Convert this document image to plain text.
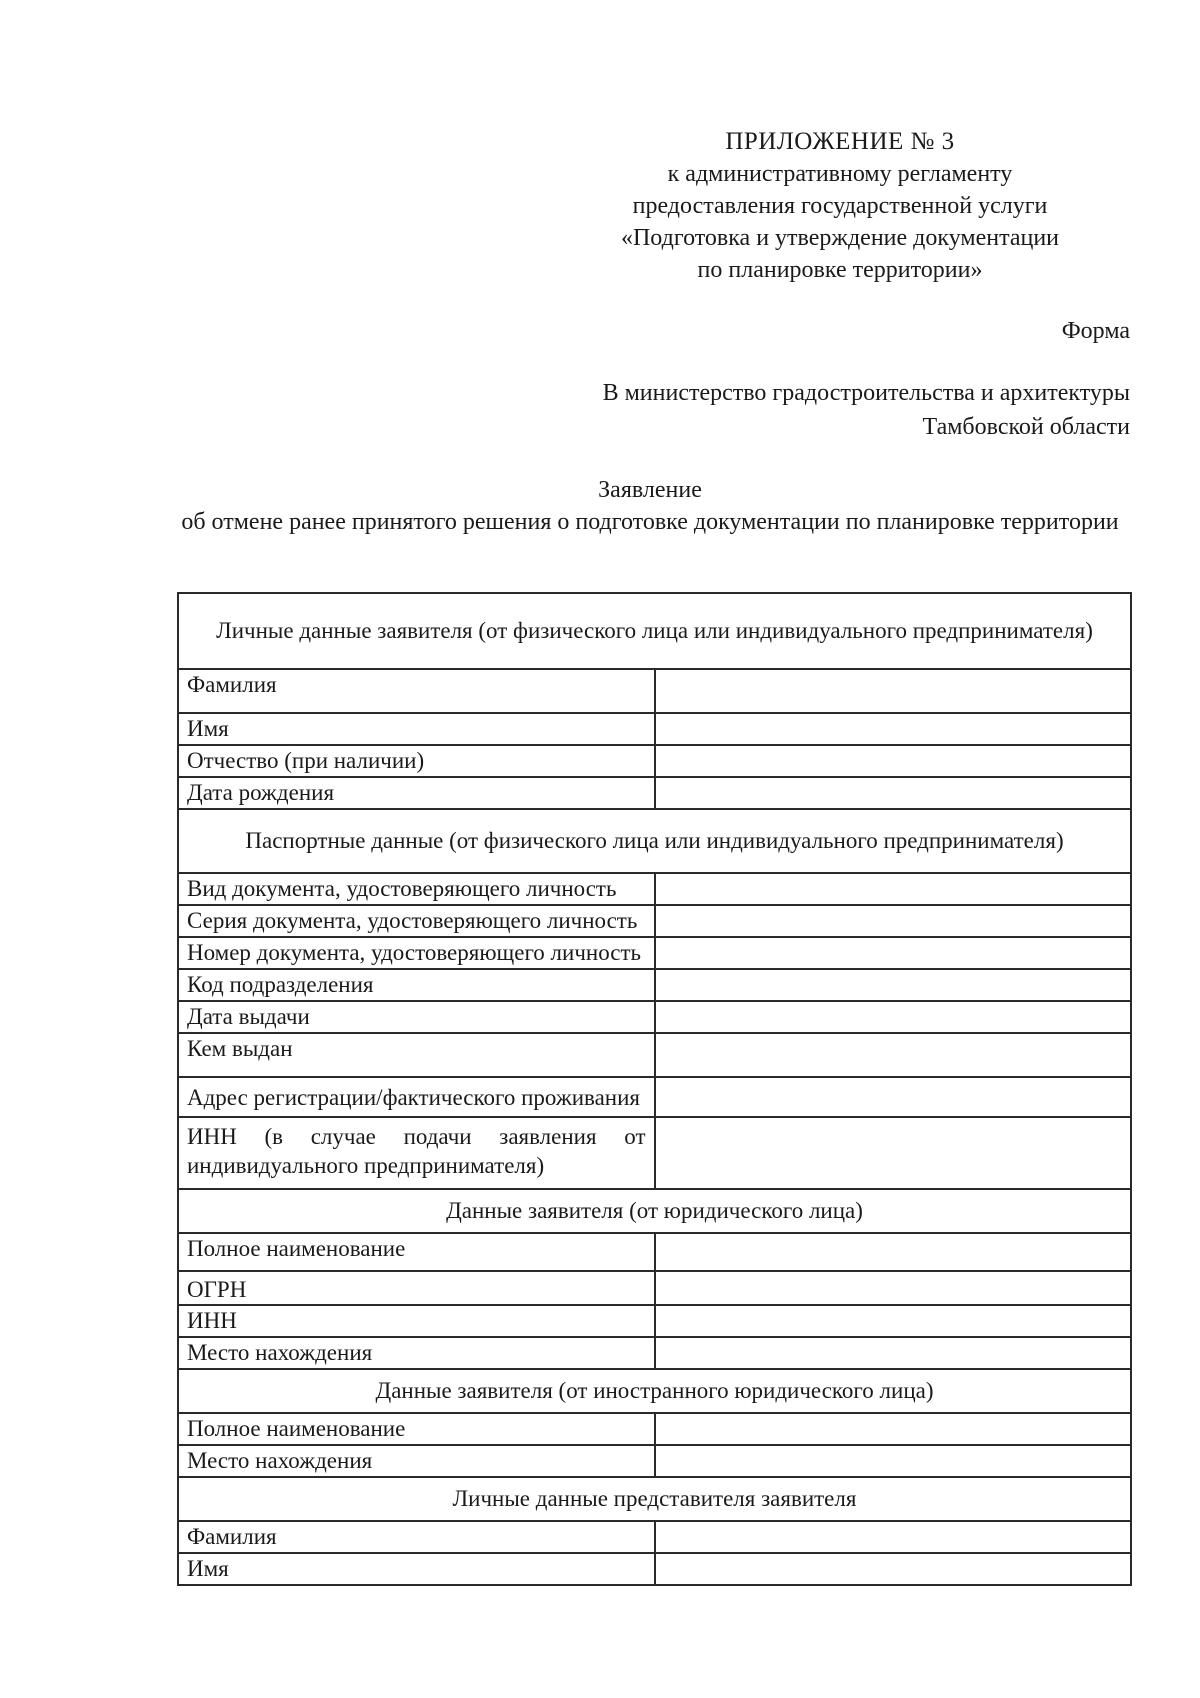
ПРИЛОЖЕНИЕ № 3
к административному регламенту
предоставления государственной услуги
«Подготовка и утверждение документации
по планировке территории»
Форма
В министерство градостроительства и архитектуры
Тамбовской области
Заявление
об отмене ранее принятого решения о подготовке документации по планировке территории
Личные данные заявителя (от физического лица или индивидуального предпринимателя)	
Фамилия	
Имя	
Отчество (при наличии)	
Дата рождения	
Паспортные данные (от физического лица или индивидуального предпринимателя)	
Вид документа, удостоверяющего личность	
Серия документа, удостоверяющего личность	
Номер документа, удостоверяющего личность	
Код подразделения	
Дата выдачи	
Кем выдан	
Адрес регистрации/фактического проживания	
ИНН (в случае подачи заявления от индивидуального предпринимателя)	
Данные заявителя (от юридического лица)	
Полное наименование	
ОГРН	
ИНН	
Место нахождения	
Данные заявителя (от иностранного юридического лица)	
Полное наименование	
Место нахождения	
Личные данные представителя заявителя	
Фамилия	
Имя	
